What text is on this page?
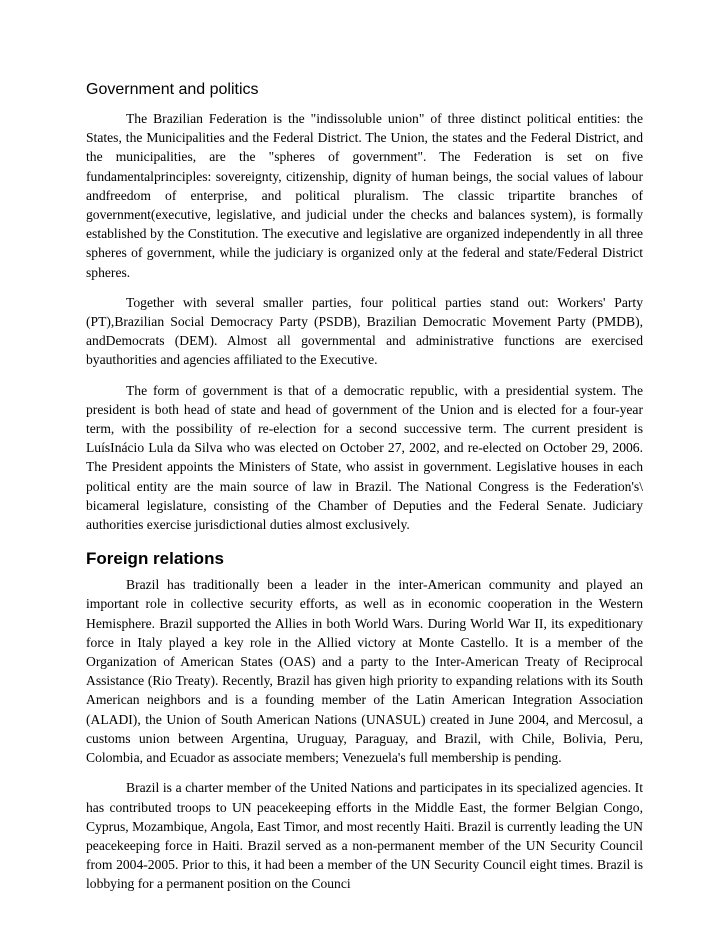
Government and politics

The Brazilian Federation is the "indissoluble union" of three distinct political entities: the States, the Municipalities and the Federal District. The Union, the states and the Federal District, and the municipalities, are the "spheres of government". The Federation is set on five fundamentalprinciples: sovereignty, citizenship, dignity of human beings, the social values of labour andfreedom of enterprise, and political pluralism. The classic tripartite branches of government(executive, legislative, and judicial under the checks and balances system), is formally established by the Constitution. The executive and legislative are organized independently in all three spheres of government, while the judiciary is organized only at the federal and state/Federal District spheres.

Together with several smaller parties, four political parties stand out: Workers' Party (PT),Brazilian Social Democracy Party (PSDB), Brazilian Democratic Movement Party (PMDB), andDemocrats (DEM). Almost all governmental and administrative functions are exercised byauthorities and agencies affiliated to the Executive.

The form of government is that of a democratic republic, with a presidential system. The president is both head of state and head of government of the Union and is elected for a four-year term, with the possibility of re-election for a second successive term. The current president is LuísInácio Lula da Silva who was elected on October 27, 2002, and re-elected on October 29, 2006. The President appoints the Ministers of State, who assist in government. Legislative houses in each political entity are the main source of law in Brazil. The National Congress is the Federation's\ bicameral legislature, consisting of the Chamber of Deputies and the Federal Senate. Judiciary authorities exercise jurisdictional duties almost exclusively.

Foreign relations

Brazil has traditionally been a leader in the inter-American community and played an important role in collective security efforts, as well as in economic cooperation in the Western Hemisphere. Brazil supported the Allies in both World Wars. During World War II, its expeditionary force in Italy played a key role in the Allied victory at Monte Castello. It is a member of the Organization of American States (OAS) and a party to the Inter-American Treaty of Reciprocal Assistance (Rio Treaty). Recently, Brazil has given high priority to expanding relations with its South American neighbors and is a founding member of the Latin American Integration Association (ALADI), the Union of South American Nations (UNASUL) created in June 2004, and Mercosul, a customs union between Argentina, Uruguay, Paraguay, and Brazil, with Chile, Bolivia, Peru, Colombia, and Ecuador as associate members; Venezuela's full membership is pending.

Brazil is a charter member of the United Nations and participates in its specialized agencies. It has contributed troops to UN peacekeeping efforts in the Middle East, the former Belgian Congo, Cyprus, Mozambique, Angola, East Timor, and most recently Haiti. Brazil is currently leading the UN peacekeeping force in Haiti. Brazil served as a non-permanent member of the UN Security Council from 2004-2005. Prior to this, it had been a member of the UN Security Council eight times. Brazil is lobbying for a permanent position on the Counci
